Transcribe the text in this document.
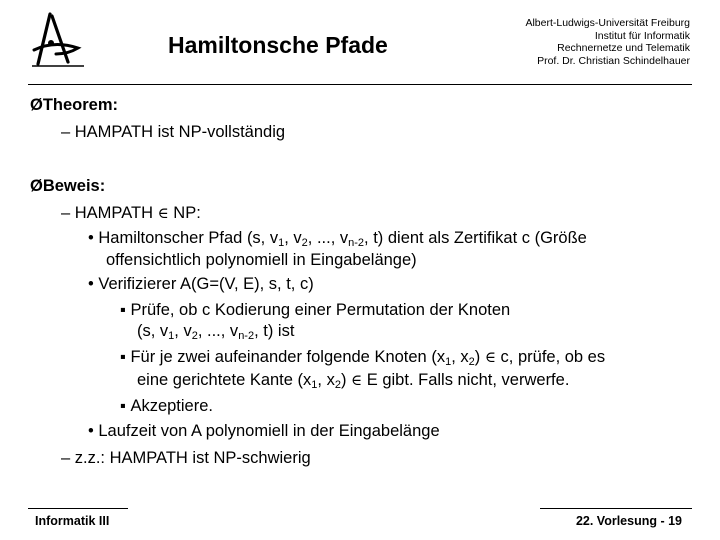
Hamiltonsche Pfade
Albert-Ludwigs-Universität Freiburg
Institut für Informatik
Rechnernetze und Telematik
Prof. Dr. Christian Schindelhauer
ØTheorem:
– HAMPATH ist NP-vollständig
ØBeweis:
– HAMPATH ∈ NP:
• Hamiltonscher Pfad (s, $v_1$, $v_2$, ..., $v_{n-2}$, t) dient als Zertifikat c (Größe
offensichtlich polynomiell in Eingabelänge)
• Verifizierer A(G=(V, E), s, t, c)
▪ Prüfe, ob c Kodierung einer Permutation der Knoten
(s, $v_1$, $v_2$, ..., $v_{n-2}$, t) ist
▪ Für je zwei aufeinander folgende Knoten ($x_1$, $x_2$) ∈ c, prüfe, ob es
eine gerichtete Kante ($x_1$, $x_2$) ∈ E gibt. Falls nicht, verwerfe.
▪ Akzeptiere.
• Laufzeit von A polynomiell in der Eingabelänge
– z.z.: HAMPATH ist NP-schwierig
Informatik III	22. Vorlesung - 19
